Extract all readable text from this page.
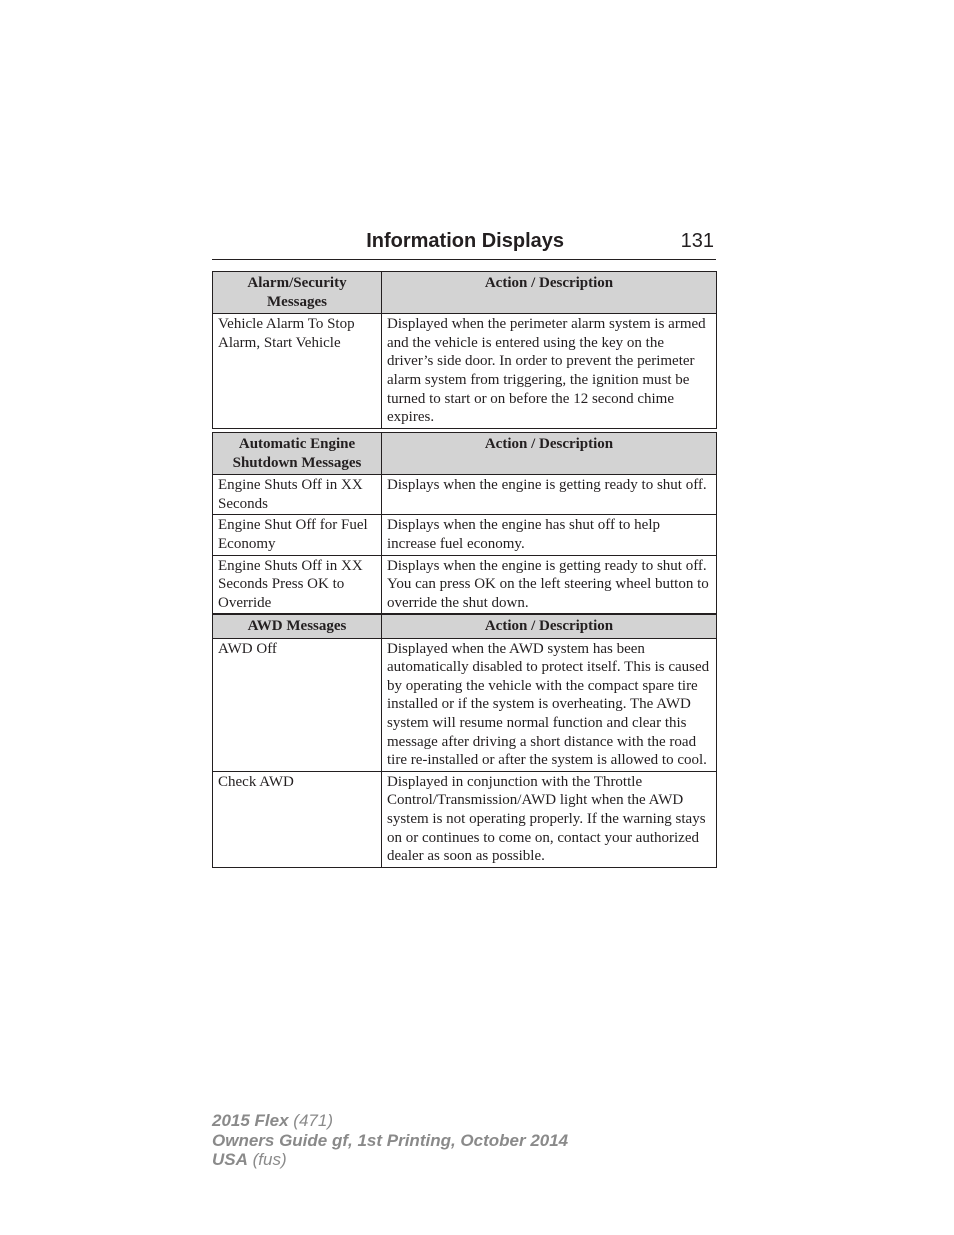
Information Displays	131
Alarm/Security Messages	Action / Description
Vehicle Alarm To Stop Alarm, Start Vehicle	Displayed when the perimeter alarm system is armed and the vehicle is entered using the key on the driver’s side door. In order to prevent the perimeter alarm system from triggering, the ignition must be turned to start or on before the 12 second chime expires.
Automatic Engine Shutdown Messages	Action / Description
Engine Shuts Off in XX Seconds	Displays when the engine is getting ready to shut off.
Engine Shut Off for Fuel Economy	Displays when the engine has shut off to help increase fuel economy.
Engine Shuts Off in XX Seconds Press OK to Override	Displays when the engine is getting ready to shut off. You can press OK on the left steering wheel button to override the shut down.
AWD Messages	Action / Description
AWD Off	Displayed when the AWD system has been automatically disabled to protect itself. This is caused by operating the vehicle with the compact spare tire installed or if the system is overheating. The AWD system will resume normal function and clear this message after driving a short distance with the road tire re-installed or after the system is allowed to cool.
Check AWD	Displayed in conjunction with the Throttle Control/Transmission/AWD light when the AWD system is not operating properly. If the warning stays on or continues to come on, contact your authorized dealer as soon as possible.
2015 Flex (471)
Owners Guide gf, 1st Printing, October 2014
USA (fus)
